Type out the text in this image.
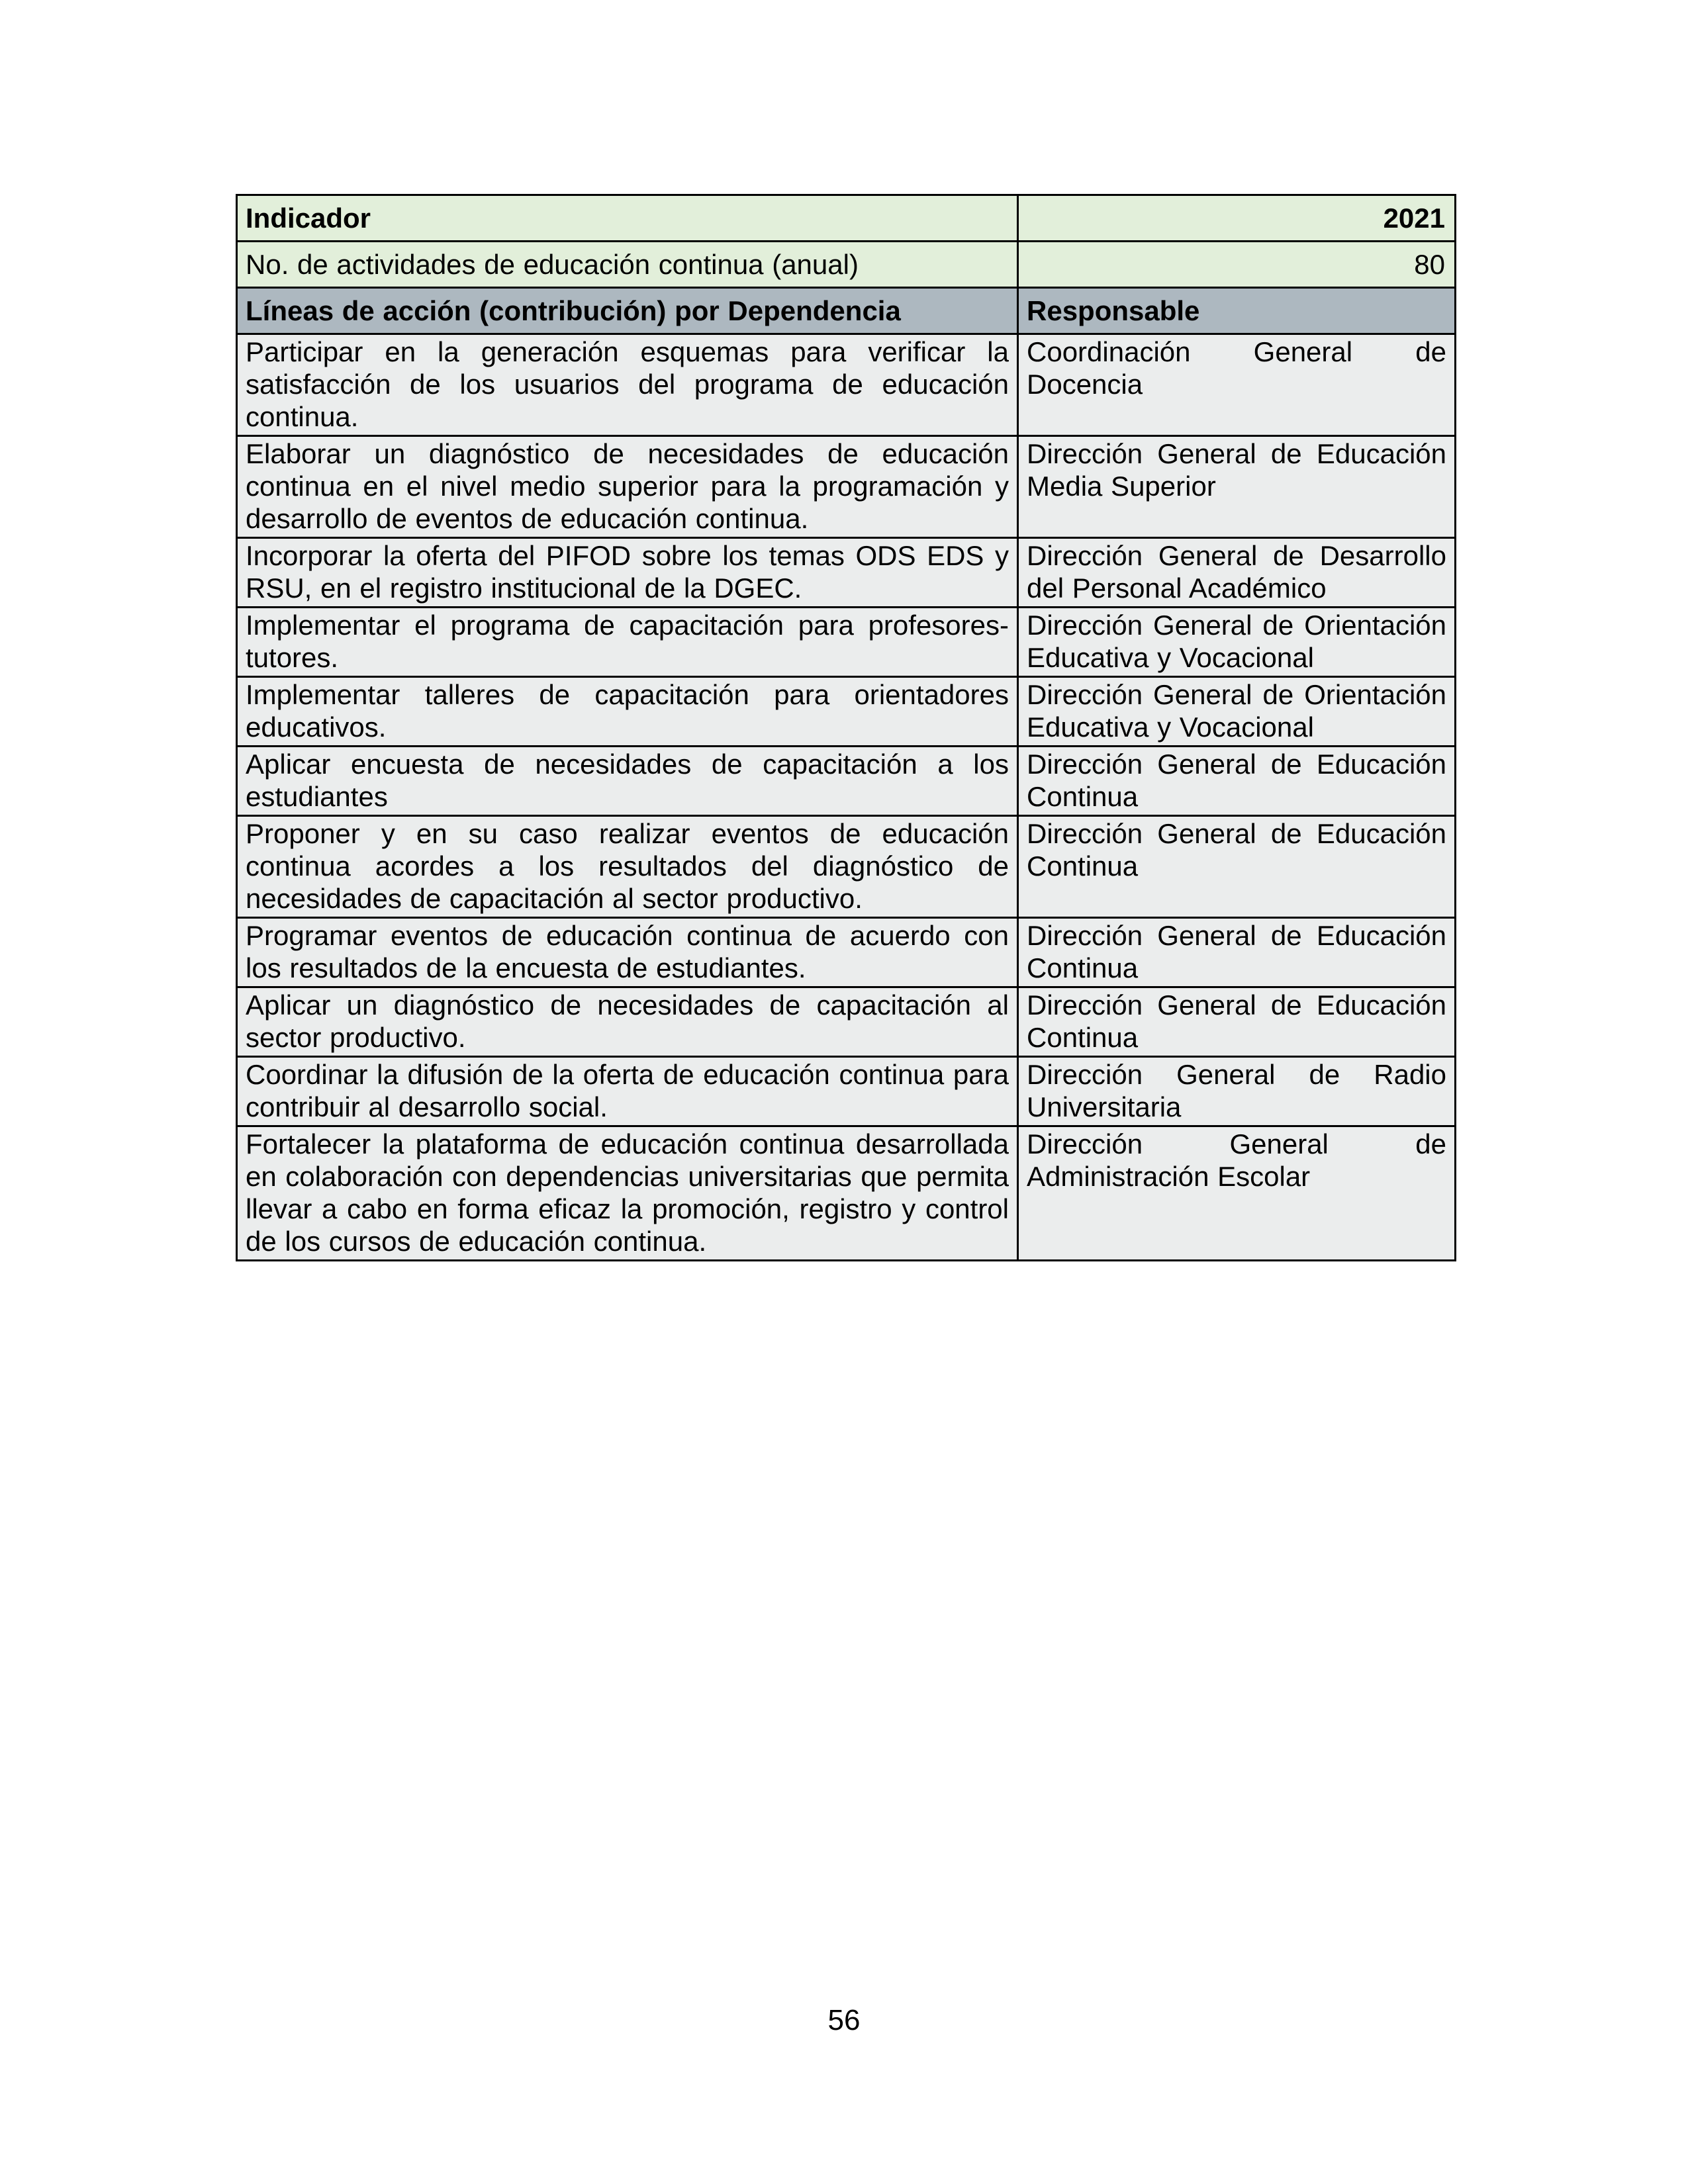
Indicador	2021
No. de actividades de educación continua (anual)	80
Líneas de acción (contribución) por Dependencia	Responsable
Participar en la generación esquemas para verificar la satisfacción de los usuarios del programa de educación continua.	Coordinación General de Docencia
Elaborar un diagnóstico de necesidades de educación continua en el nivel medio superior para la programación y desarrollo de eventos de educación continua.	Dirección General de Educación Media Superior
Incorporar la oferta del PIFOD sobre los temas ODS EDS y RSU, en el registro institucional de la DGEC.	Dirección General de Desarrollo del Personal Académico
Implementar el programa de capacitación para profesores-tutores.	Dirección General de Orientación Educativa y Vocacional
Implementar talleres de capacitación para orientadores educativos.	Dirección General de Orientación Educativa y Vocacional
Aplicar encuesta de necesidades de capacitación a los estudiantes	Dirección General de Educación Continua
Proponer y en su caso realizar eventos de educación continua acordes a los resultados del diagnóstico de necesidades de capacitación al sector productivo.	Dirección General de Educación Continua
Programar eventos de educación continua de acuerdo con los resultados de la encuesta de estudiantes.	Dirección General de Educación Continua
Aplicar un diagnóstico de necesidades de capacitación al sector productivo.	Dirección General de Educación Continua
Coordinar la difusión de la oferta de educación continua para contribuir al desarrollo social.	Dirección General de Radio Universitaria
Fortalecer la plataforma de educación continua desarrollada en colaboración con dependencias universitarias que permita llevar a cabo en forma eficaz la promoción, registro y control de los cursos de educación continua.	Dirección General de Administración Escolar
56
